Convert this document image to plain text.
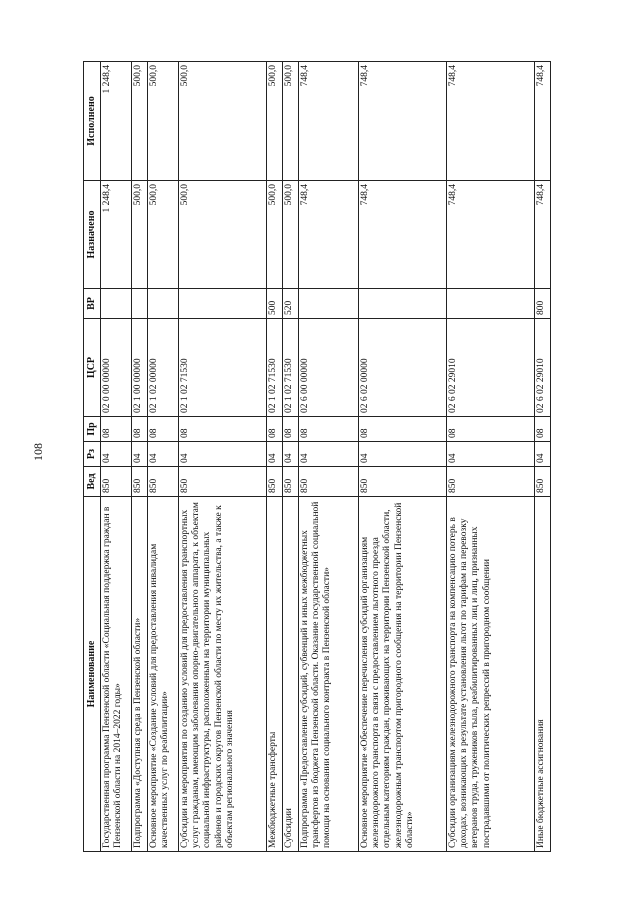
108
Наименование	Вед	Рз	Пр	ЦСР	ВР	Назначено	Исполнено
Государственная программа Пензенской области «Социальная поддержка граждан в Пензенской области на 2014–2022 годы»	850	04	08	02 0 00 00000		1 248,4	1 248,4
Подпрограмма «Доступная среда в Пензенской области»	850	04	08	02 1 00 00000		500,0	500,0
Основное мероприятие «Создание условий для предоставления инвалидам качественных услуг по реабилитации»	850	04	08	02 1 02 00000		500,0	500,0
Субсидии на мероприятия по созданию условий для предоставления транспортных услуг гражданам, имеющим заболевания опорно-двигательного аппарата, к объектам социальной инфраструктуры, расположенным на территории муниципальных районов и городских округов Пензенской области по месту их жительства, а также к объектам регионального значения	850	04	08	02 1 02 71530		500,0	500,0
Межбюджетные трансферты	850	04	08	02 1 02 71530	500	500,0	500,0
Субсидии	850	04	08	02 1 02 71530	520	500,0	500,0
Подпрограмма «Предоставление субсидий, субвенций и иных межбюджетных трансфертов из бюджета Пензенской области. Оказание государственной социальной помощи на основании социального контракта в Пензенской области»	850	04	08	02 6 00 00000		748,4	748,4
Основное мероприятие «Обеспечение перечисления субсидий организациям железнодорожного транспорта в связи с предоставлением льготного проезда отдельным категориям граждан, проживающих на территории Пензенской области, железнодорожным транспортом пригородного сообщения на территории Пензенской области»	850	04	08	02 6 02 00000		748,4	748,4
Субсидии организациям железнодорожного транспорта на компенсацию потерь в доходах, возникающих в результате установления льгот по тарифам на перевозку ветеранов труда, тружеников тыла, реабилитированных лиц и лиц, признанных пострадавшими от политических репрессий в пригородном сообщении	850	04	08	02 6 02 29010		748,4	748,4
Иные бюджетные ассигнования	850	04	08	02 6 02 29010	800	748,4	748,4
